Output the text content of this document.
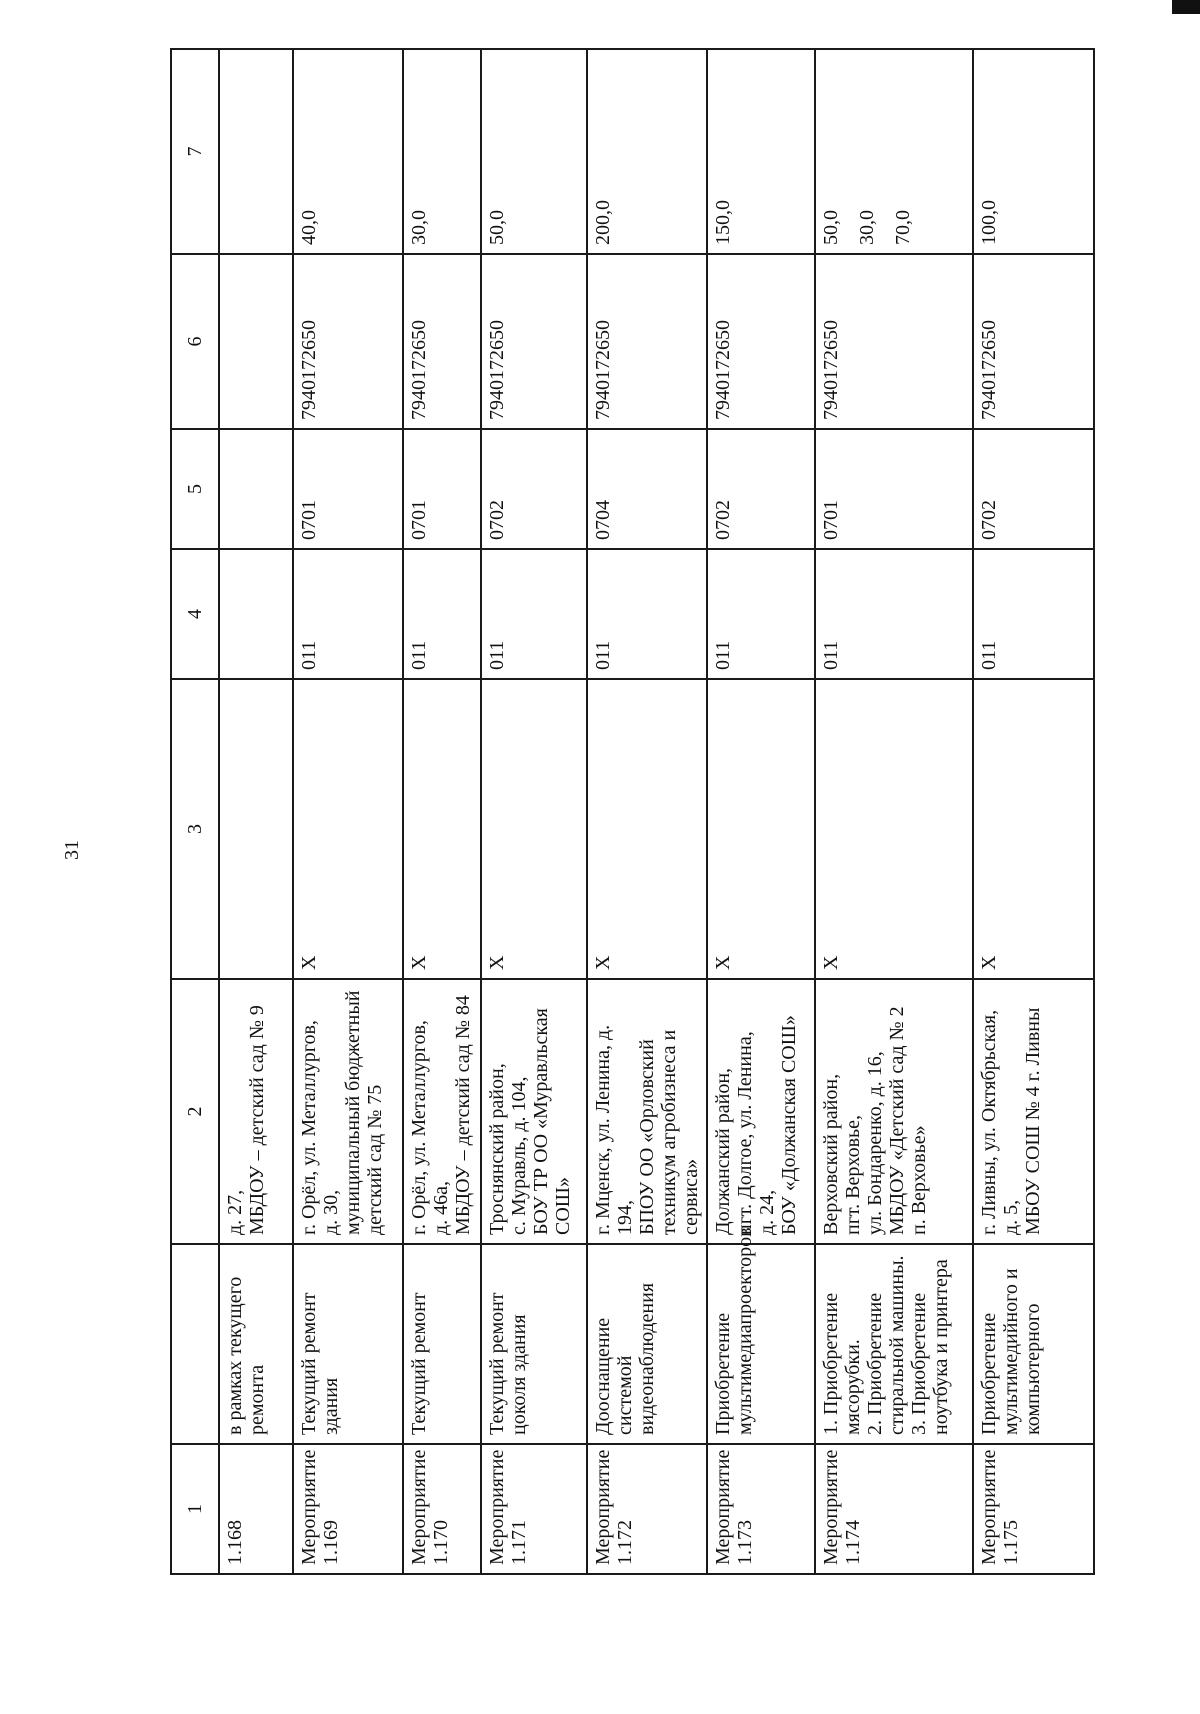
31
1		2	3	4	5	6	7
1.168	в рамках текущего ремонта	д. 27,
МБДОУ – детский сад № 9					
Мероприятие 1.169	Текущий ремонт здания	г. Орёл, ул. Металлургов,
д. 30,
муниципальный бюджетный детский сад № 75	Х	011	0701	7940172650	40,0
Мероприятие 1.170	Текущий ремонт	г. Орёл, ул. Металлургов,
д. 46а,
МБДОУ – детский сад № 84	Х	011	0701	7940172650	30,0
Мероприятие 1.171	Текущий ремонт цоколя здания	Троснянский район,
с. Муравль, д. 104,
БОУ ТР ОО «Муравльская СОШ»	Х	011	0702	7940172650	50,0
Мероприятие 1.172	Дооснащение системой видеонаблюдения	г. Мценск, ул. Ленина, д. 194,
БПОУ ОО «Орловский техникум агробизнеса и сервиса»	Х	011	0704	7940172650	200,0
Мероприятие 1.173	Приобретение мультимедиапроекторов	Должанский район,
пгт. Долгое, ул. Ленина,
д. 24,
БОУ «Должанская СОШ»	Х	011	0702	7940172650	150,0
Мероприятие 1.174	1. Приобретение мясорубки.
2. Приобретение стиральной машины.
3. Приобретение ноутбука и принтера	Верховский район,
пгт. Верховье,
ул. Бондаренко, д. 16,
МБДОУ «Детский сад № 2
п. Верховье»	Х	011	0701	7940172650	50,0 30,0 70,0

Мероприятие 1.175	Приобретение мультимедийного и компьютерного	г. Ливны, ул. Октябрьская,
д. 5,
МБОУ СОШ № 4 г. Ливны	Х	011	0702	7940172650	100,0
